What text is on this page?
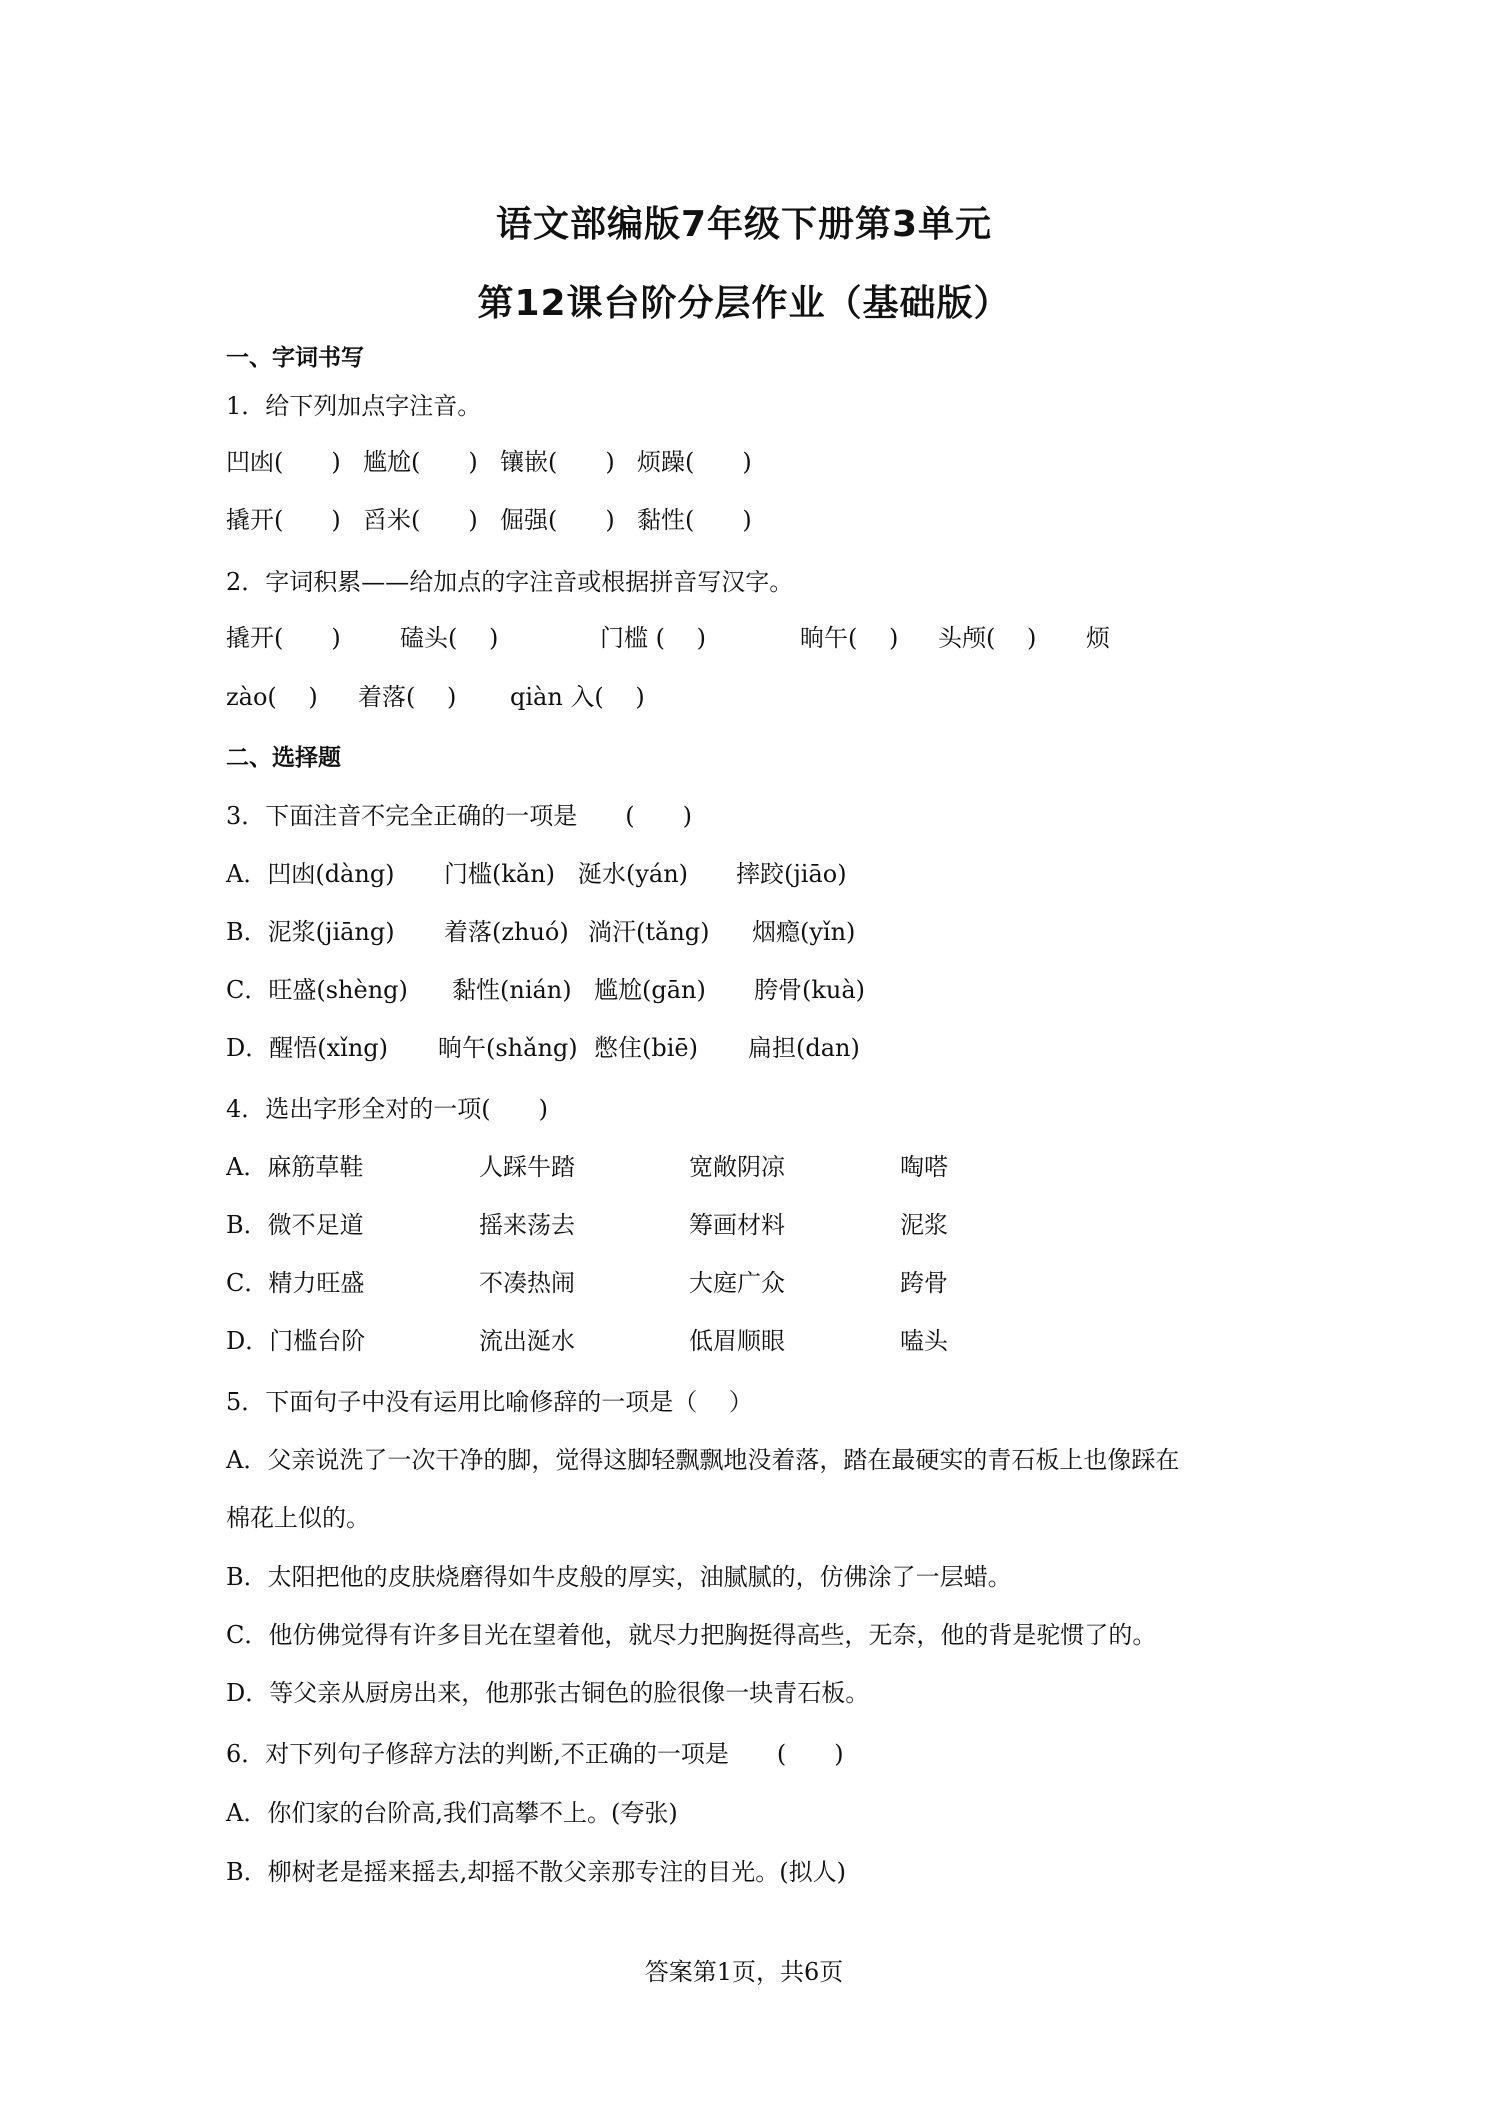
语文部编版7年级下册第3单元
第12课台阶分层作业（基础版）
一、字词书写
1．给下列加点字注音。
凹凼(　　) 尴尬(　　) 镶嵌(　　) 烦躁(　　)
撬开(　　) 舀米(　　) 倔强(　　) 黏性(　　)
2．字词积累——给加点的字注音或根据拼音写汉字。
撬开(　　) 磕头(　 )	门槛 (　 )	晌午(　 ) 头颅(　 ) 烦
zào(　 ) 着落(　 ) qiàn 入(　 )
二、选择题
3．下面注音不完全正确的一项是　　(　　)
A．凹凼(dàng) 门槛(kǎn) 涎水(yán) 摔跤(jiāo)
B．泥浆(jiāng) 着落(zhuó) 淌汗(tǎng) 烟瘾(yǐn)
C．旺盛(shèng) 黏性(nián) 尴尬(gān) 胯骨(kuà)
D．醒悟(xǐng) 晌午(shǎng) 憋住(biē) 扁担(dan)
4．选出字形全对的一项(　　)
A．麻筋草鞋	人踩牛踏	宽敞阴凉	啕嗒
B．微不足道	摇来荡去	筹画材料	泥浆
C．精力旺盛	不凑热闹	大庭广众	跨骨
D．门槛台阶	流出涎水	低眉顺眼	嗑头
5．下面句子中没有运用比喻修辞的一项是（　 ）
A．父亲说洗了一次干净的脚，觉得这脚轻飘飘地没着落，踏在最硬实的青石板上也像踩在
棉花上似的。
B．太阳把他的皮肤烧磨得如牛皮般的厚实，油腻腻的，仿佛涂了一层蜡。
C．他仿佛觉得有许多目光在望着他，就尽力把胸挺得高些，无奈，他的背是驼惯了的。
D．等父亲从厨房出来，他那张古铜色的脸很像一块青石板。
6．对下列句子修辞方法的判断,不正确的一项是　　(　　)
A．你们家的台阶高,我们高攀不上。(夸张)
B．柳树老是摇来摇去,却摇不散父亲那专注的目光。(拟人)
答案第1页，共6页
